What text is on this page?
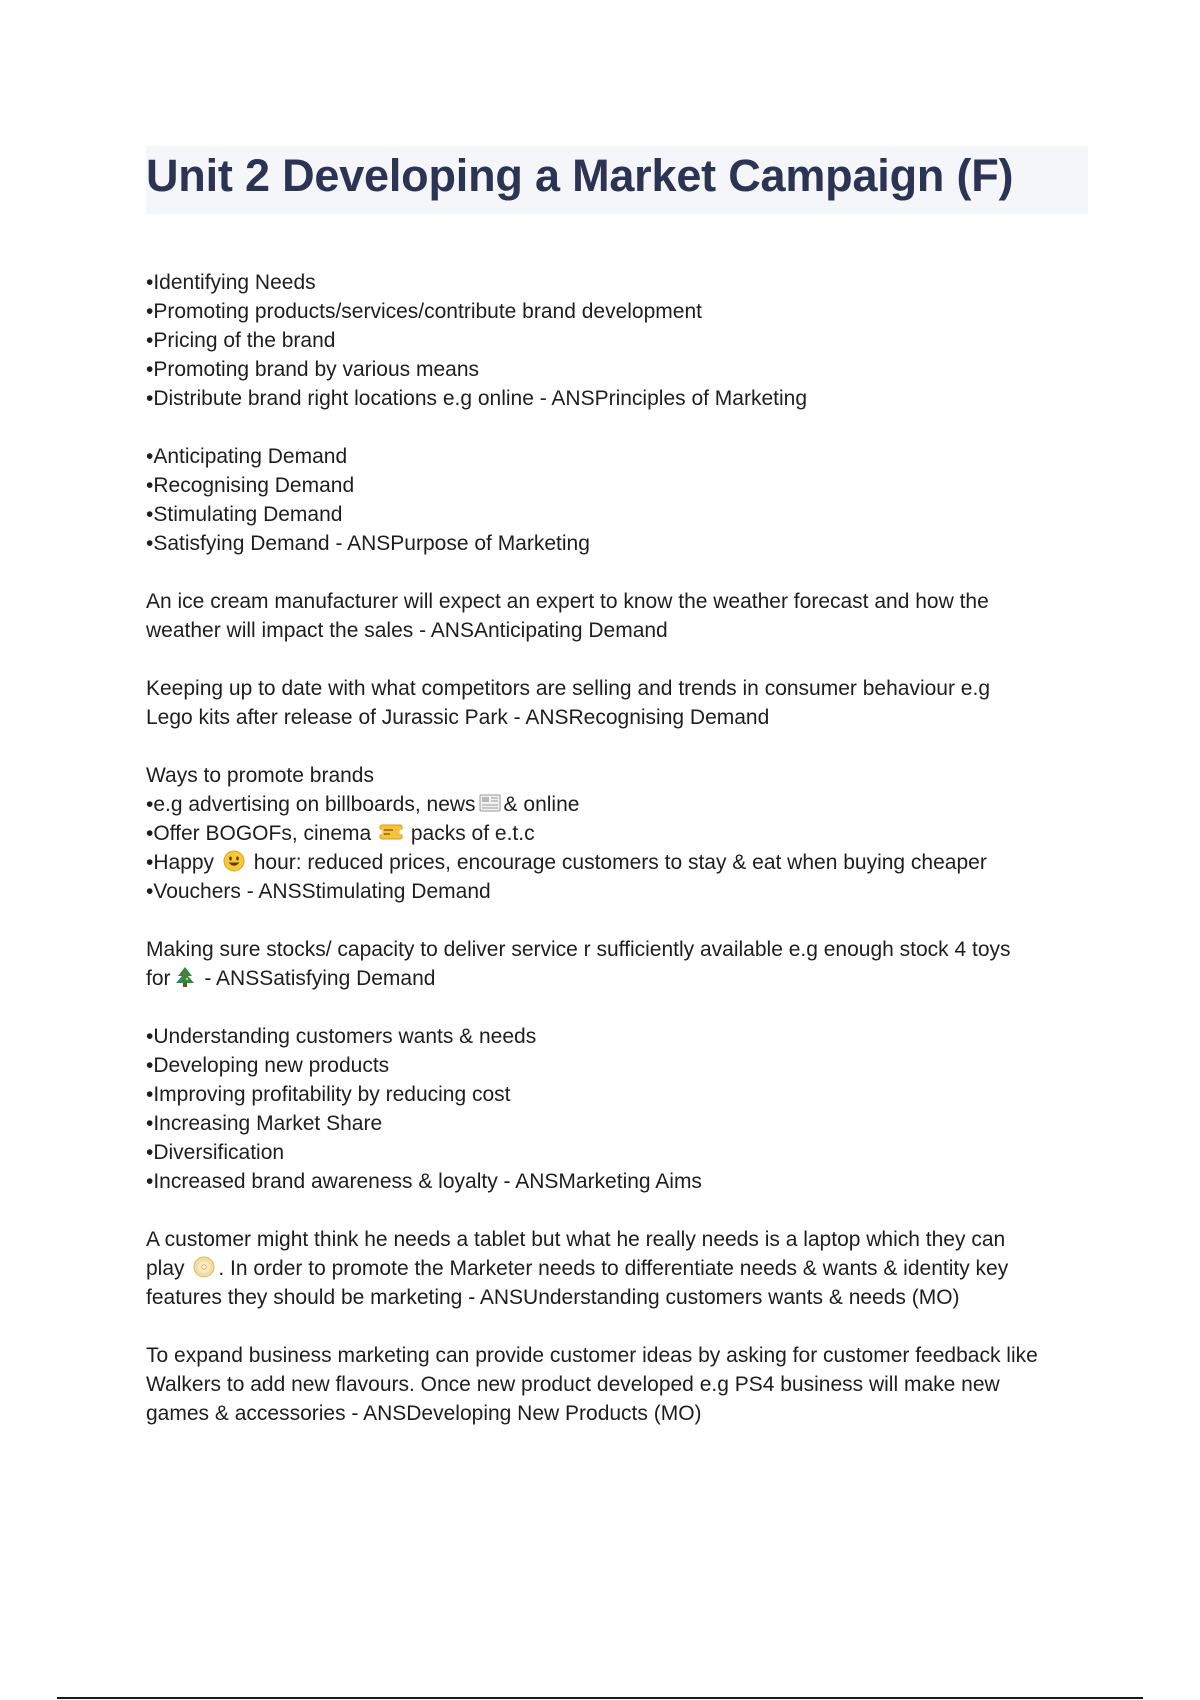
Unit 2 Developing a Market Campaign (F)
•Identifying Needs
•Promoting products/services/contribute brand development
•Pricing of the brand
•Promoting brand by various means
•Distribute brand right locations e.g online - ANSPrinciples of Marketing
•Anticipating Demand
•Recognising Demand
•Stimulating Demand
•Satisfying Demand - ANSPurpose of Marketing
An ice cream manufacturer will expect an expert to know the weather forecast and how the
weather will impact the sales - ANSAnticipating Demand
Keeping up to date with what competitors are selling and trends in consumer behaviour e.g
Lego kits after release of Jurassic Park - ANSRecognising Demand
Ways to promote brands
•e.g advertising on billboards, news & online
•Offer BOGOFs, cinema
packs of e.t.c
•Happy
hour: reduced prices, encourage customers to stay & eat when buying cheaper
•Vouchers - ANSStimulating Demand
Making sure stocks/ capacity to deliver service r sufficiently available e.g enough stock 4 toys
for
- ANSSatisfying Demand
•Understanding customers wants & needs
•Developing new products
•Improving profitability by reducing cost
•Increasing Market Share
•Diversification
•Increased brand awareness & loyalty - ANSMarketing Aims
A customer might think he needs a tablet but what he really needs is a laptop which they can
play
. In order to promote the Marketer needs to differentiate needs & wants & identity key
features they should be marketing - ANSUnderstanding customers wants & needs (MO)
To expand business marketing can provide customer ideas by asking for customer feedback like
Walkers to add new flavours. Once new product developed e.g PS4 business will make new
games & accessories - ANSDeveloping New Products (MO)
